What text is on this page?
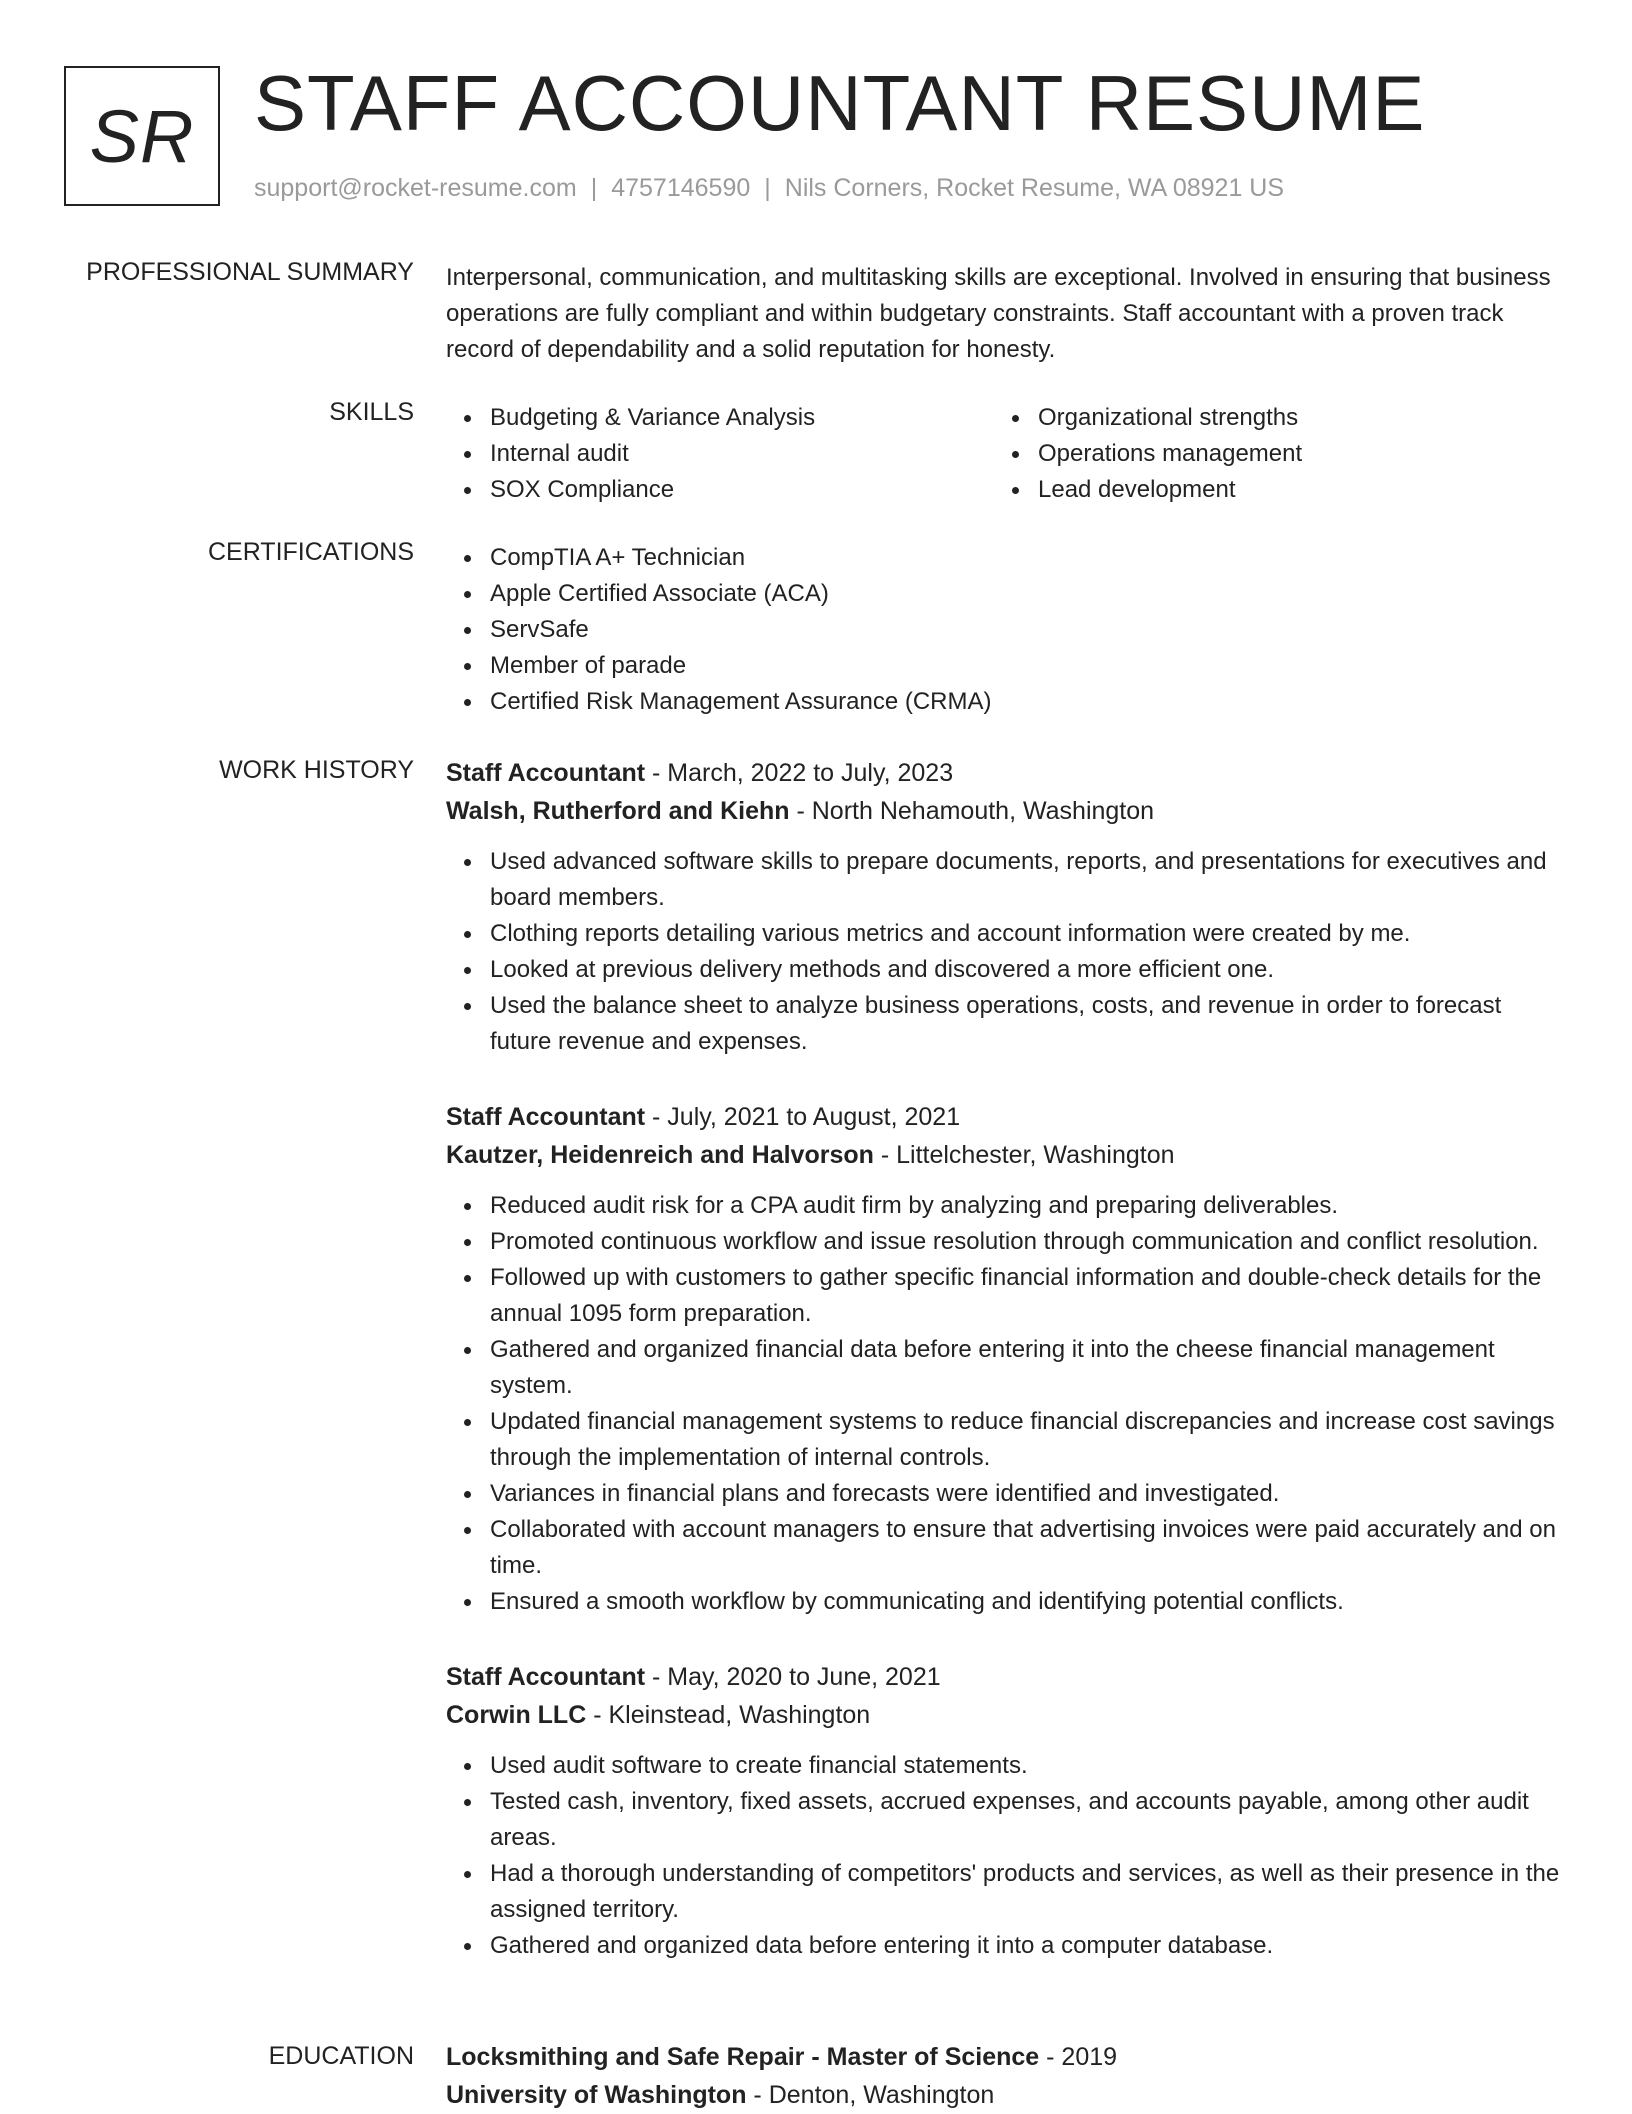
SR STAFF ACCOUNTANT RESUME
support@rocket-resume.com | 4757146590 | Nils Corners, Rocket Resume, WA 08921 US
PROFESSIONAL SUMMARY Interpersonal, communication, and multitasking skills are exceptional. Involved in ensuring that business operations are fully compliant and within budgetary constraints. Staff accountant with a proven track record of dependability and a solid reputation for honesty.

SKILLS	Budgeting & Variance Analysis
Internal audit
SOX Compliance
Organizational strengths
Operations management
Lead development
CERTIFICATIONS	CompTIA A+ Technician
Apple Certified Associate (ACA)
ServSafe
Member of parade
Certified Risk Management Assurance (CRMA)
WORK HISTORY Staff Accountant - March, 2022 to July, 2023
Walsh, Rutherford and Kiehn - North Nehamouth, Washington
Used advanced software skills to prepare documents, reports, and presentations for executives and board members.
Clothing reports detailing various metrics and account information were created by me.
Looked at previous delivery methods and discovered a more efficient one.
Used the balance sheet to analyze business operations, costs, and revenue in order to forecast future revenue and expenses.
Staff Accountant - July, 2021 to August, 2021
Kautzer, Heidenreich and Halvorson - Littelchester, Washington
Reduced audit risk for a CPA audit firm by analyzing and preparing deliverables.
Promoted continuous workflow and issue resolution through communication and conflict resolution.
Followed up with customers to gather specific financial information and double-check details for the annual 1095 form preparation.
Gathered and organized financial data before entering it into the cheese financial management system.
Updated financial management systems to reduce financial discrepancies and increase cost savings through the implementation of internal controls.
Variances in financial plans and forecasts were identified and investigated.
Collaborated with account managers to ensure that advertising invoices were paid accurately and on time.
Ensured a smooth workflow by communicating and identifying potential conflicts.
Staff Accountant - May, 2020 to June, 2021
Corwin LLC - Kleinstead, Washington
Used audit software to create financial statements.
Tested cash, inventory, fixed assets, accrued expenses, and accounts payable, among other audit areas.
Had a thorough understanding of competitors' products and services, as well as their presence in the assigned territory.
Gathered and organized data before entering it into a computer database.
EDUCATION Locksmithing and Safe Repair - Master of Science - 2019
University of Washington - Denton, Washington
